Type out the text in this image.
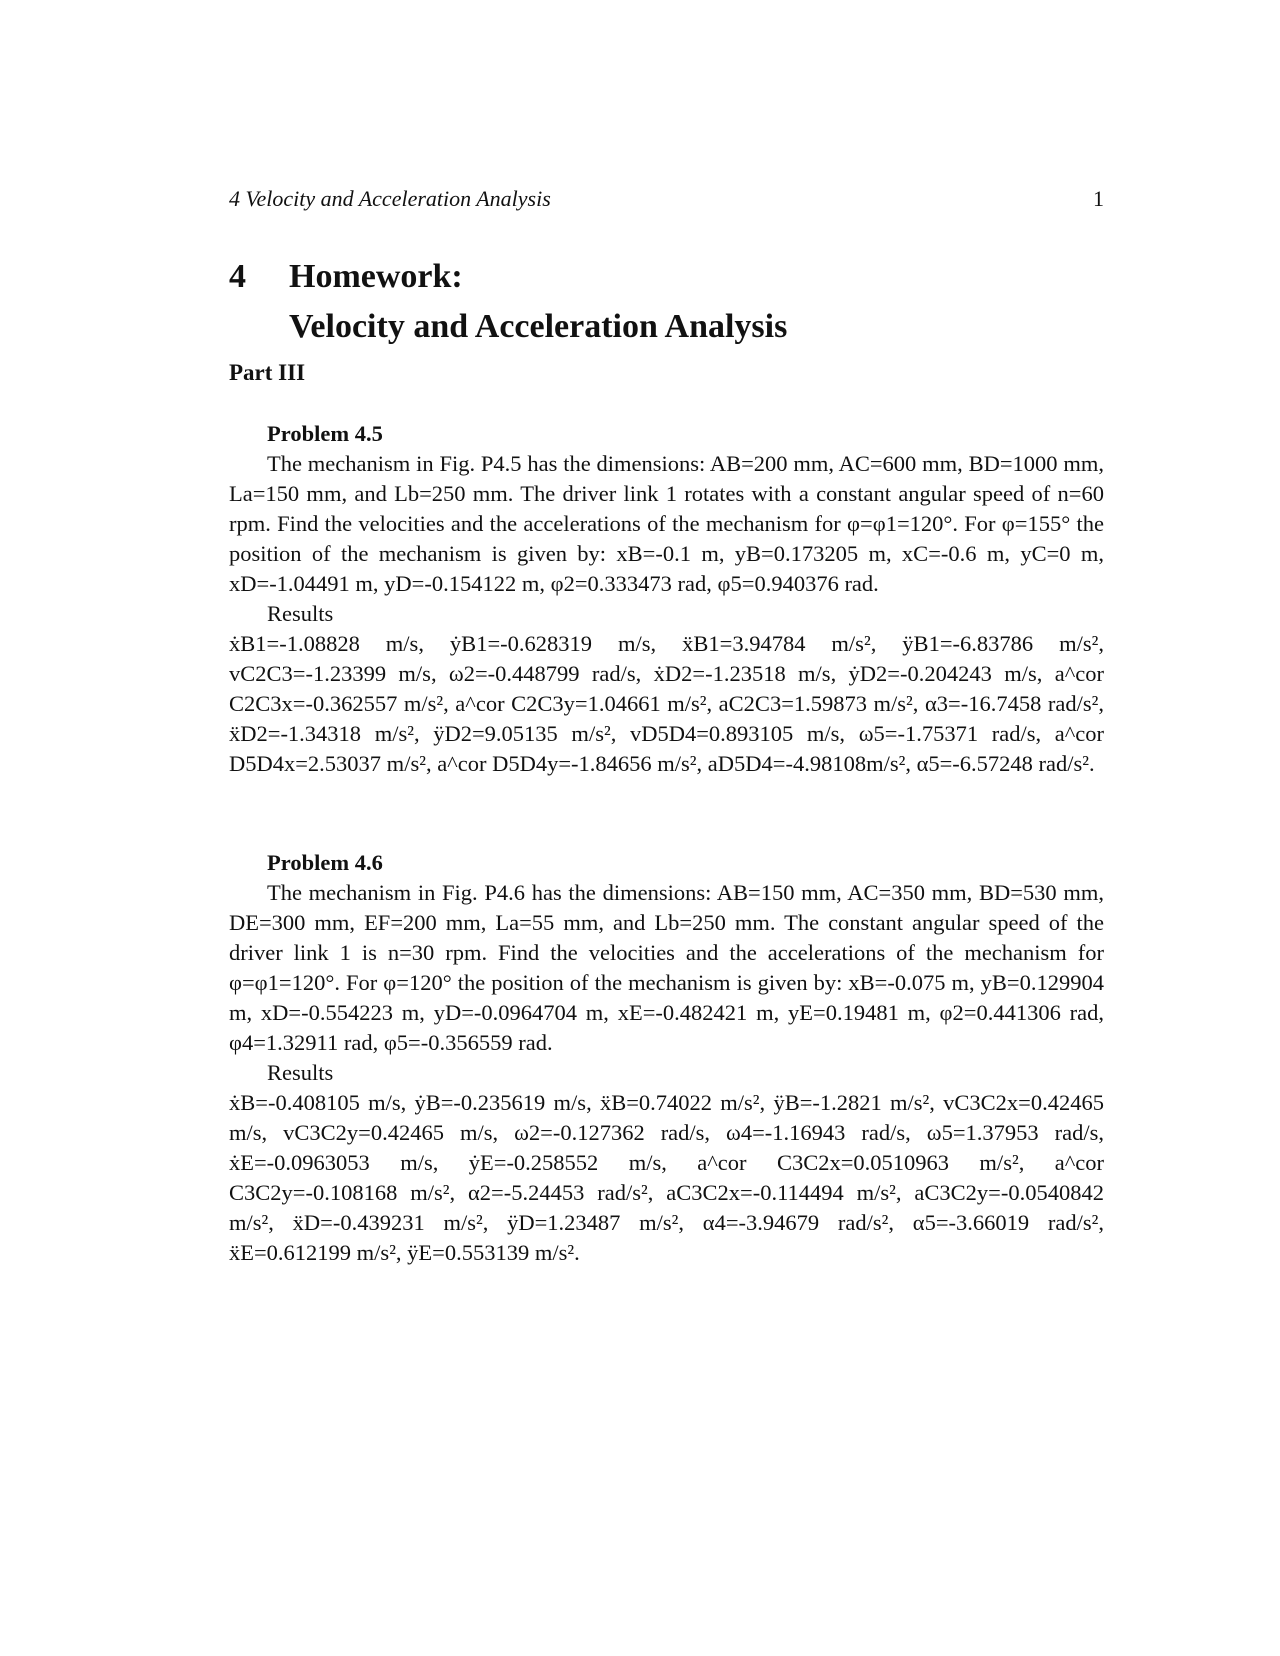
4 Velocity and Acceleration Analysis	1
4 Homework:
Velocity and Acceleration Analysis
Part III
Problem 4.5

The mechanism in Fig. P4.5 has the dimensions: AB=200 mm, AC=600 mm, BD=1000 mm, La=150 mm, and Lb=250 mm. The driver link 1 rotates with a constant angular speed of n=60 rpm. Find the velocities and the accelerations of the mechanism for φ=φ1=120°. For φ=155° the position of the mechanism is given by: xB=-0.1 m, yB=0.173205 m, xC=-0.6 m, yC=0 m, xD=-1.04491 m, yD=-0.154122 m, φ2=0.333473 rad, φ5=0.940376 rad.

Results

ẋB1=-1.08828 m/s, ẏB1=-0.628319 m/s, ẍB1=3.94784 m/s², ÿB1=-6.83786 m/s², vC2C3=-1.23399 m/s, ω2=-0.448799 rad/s, ẋD2=-1.23518 m/s, ẏD2=-0.204243 m/s, a^cor C2C3x=-0.362557 m/s², a^cor C2C3y=1.04661 m/s², aC2C3=1.59873 m/s², α3=-16.7458 rad/s², ẍD2=-1.34318 m/s², ÿD2=9.05135 m/s², vD5D4=0.893105 m/s, ω5=-1.75371 rad/s, a^cor D5D4x=2.53037 m/s², a^cor D5D4y=-1.84656 m/s², aD5D4=-4.98108m/s², α5=-6.57248 rad/s².

Problem 4.6

The mechanism in Fig. P4.6 has the dimensions: AB=150 mm, AC=350 mm, BD=530 mm, DE=300 mm, EF=200 mm, La=55 mm, and Lb=250 mm. The constant angular speed of the driver link 1 is n=30 rpm. Find the velocities and the accelerations of the mechanism for φ=φ1=120°. For φ=120° the position of the mechanism is given by: xB=-0.075 m, yB=0.129904 m, xD=-0.554223 m, yD=-0.0964704 m, xE=-0.482421 m, yE=0.19481 m, φ2=0.441306 rad, φ4=1.32911 rad, φ5=-0.356559 rad.

Results

ẋB=-0.408105 m/s, ẏB=-0.235619 m/s, ẍB=0.74022 m/s², ÿB=-1.2821 m/s², vC3C2x=0.42465 m/s, vC3C2y=0.42465 m/s, ω2=-0.127362 rad/s, ω4=-1.16943 rad/s, ω5=1.37953 rad/s, ẋE=-0.0963053 m/s, ẏE=-0.258552 m/s, a^cor C3C2x=0.0510963 m/s², a^cor C3C2y=-0.108168 m/s², α2=-5.24453 rad/s², aC3C2x=-0.114494 m/s², aC3C2y=-0.0540842 m/s², ẍD=-0.439231 m/s², ÿD=1.23487 m/s², α4=-3.94679 rad/s², α5=-3.66019 rad/s², ẍE=0.612199 m/s², ÿE=0.553139 m/s².
